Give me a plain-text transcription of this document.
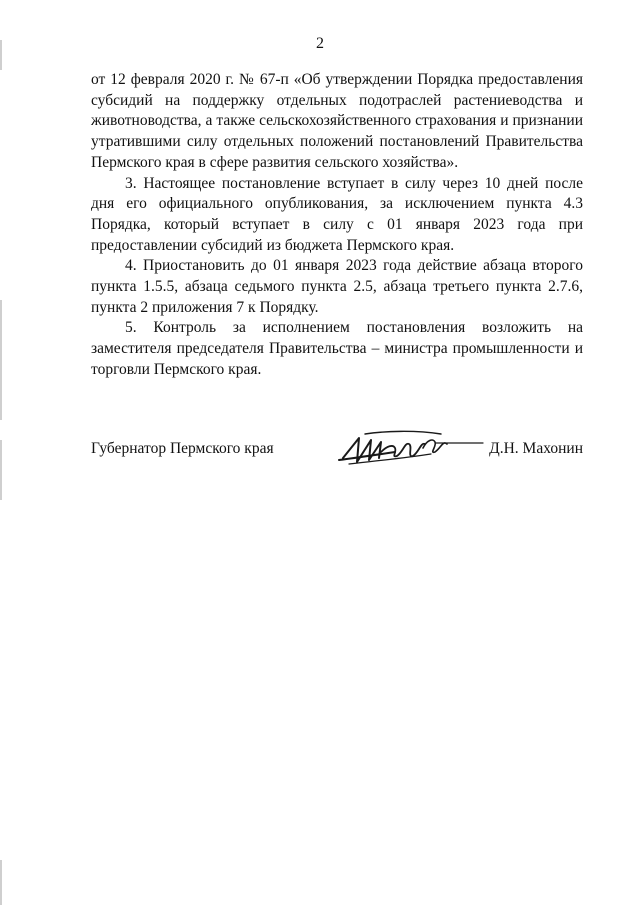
2

от 12 февраля 2020 г. № 67-п «Об утверждении Порядка предоставления субсидий на поддержку отдельных подотраслей растениеводства и животноводства, а также сельскохозяйственного страхования и признании утратившими силу отдельных положений постановлений Правительства Пермского края в сфере развития сельского хозяйства».

3. Настоящее постановление вступает в силу через 10 дней после дня его официального опубликования, за исключением пункта 4.3 Порядка, который вступает в силу с 01 января 2023 года при предоставлении субсидий из бюджета Пермского края.

4. Приостановить до 01 января 2023 года действие абзаца второго пункта 1.5.5, абзаца седьмого пункта 2.5, абзаца третьего пункта 2.7.6, пункта 2 приложения 7 к Порядку.

5. Контроль за исполнением постановления возложить на заместителя председателя Правительства – министра промышленности и торговли Пермского края.

Губернатор Пермского края	Д.Н. Махонин
